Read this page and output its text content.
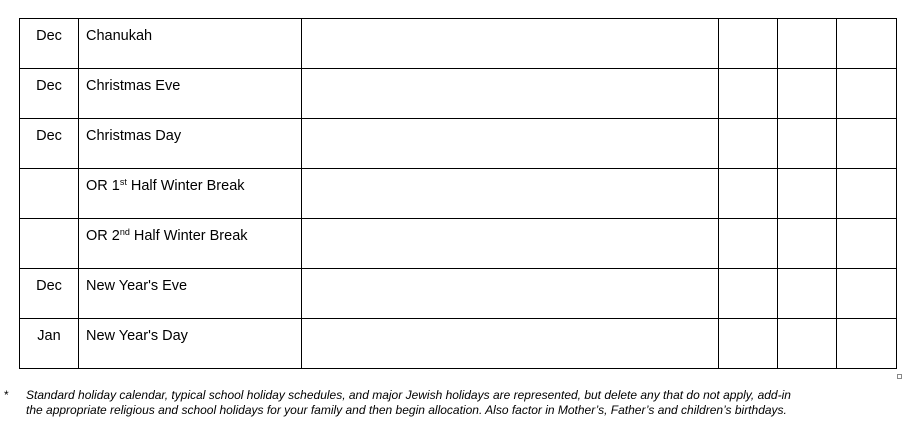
Dec	Chanukah				
Dec	Christmas Eve				
Dec	Christmas Day				
	OR 1st Half Winter Break				
	OR 2nd Half Winter Break				
Dec	New Year's Eve				
Jan	New Year's Day				
* Standard holiday calendar, typical school holiday schedules, and major Jewish holidays are represented, but delete any that do not apply, add-in
the appropriate religious and school holidays for your family and then begin allocation. Also factor in Mother’s, Father’s and children’s birthdays.
